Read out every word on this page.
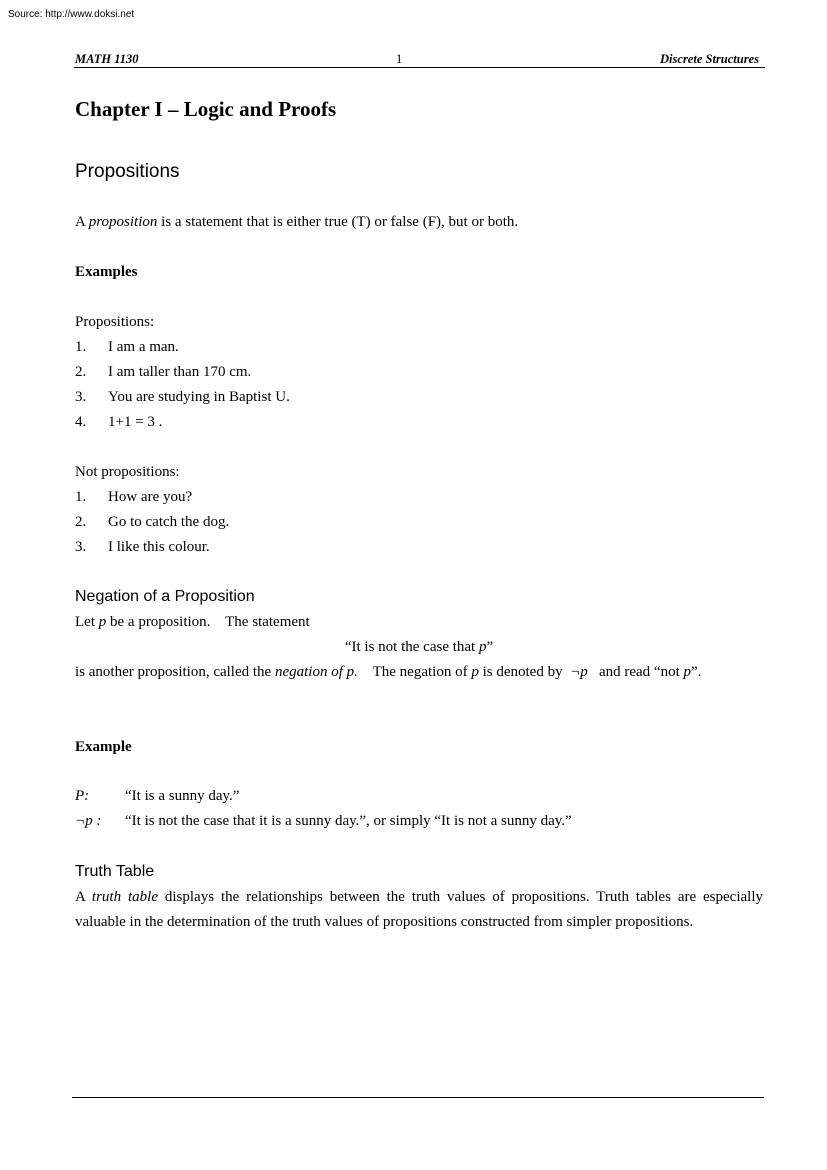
Source: http://www.doksi.net
MATH 1130	1	Discrete Structures
Chapter I – Logic and Proofs
Propositions
A proposition is a statement that is either true (T) or false (F), but or both.
Examples
Propositions:
1. I am a man.
2. I am taller than 170 cm.
3. You are studying in Baptist U.
4. 1+1 = 3 .
Not propositions:
1. How are you?
2. Go to catch the dog.
3. I like this colour.
Negation of a Proposition
Let p be a proposition.    The statement
“It is not the case that p”
is another proposition, called the negation of p.    The negation of p is denoted by  ¬p   and read “not p”.
Example
P: “It is a sunny day.”
¬p : “It is not the case that it is a sunny day.”, or simply “It is not a sunny day.”
Truth Table
A truth table displays the relationships between the truth values of propositions. Truth tables are especially valuable in the determination of the truth values of propositions constructed from simpler propositions.
